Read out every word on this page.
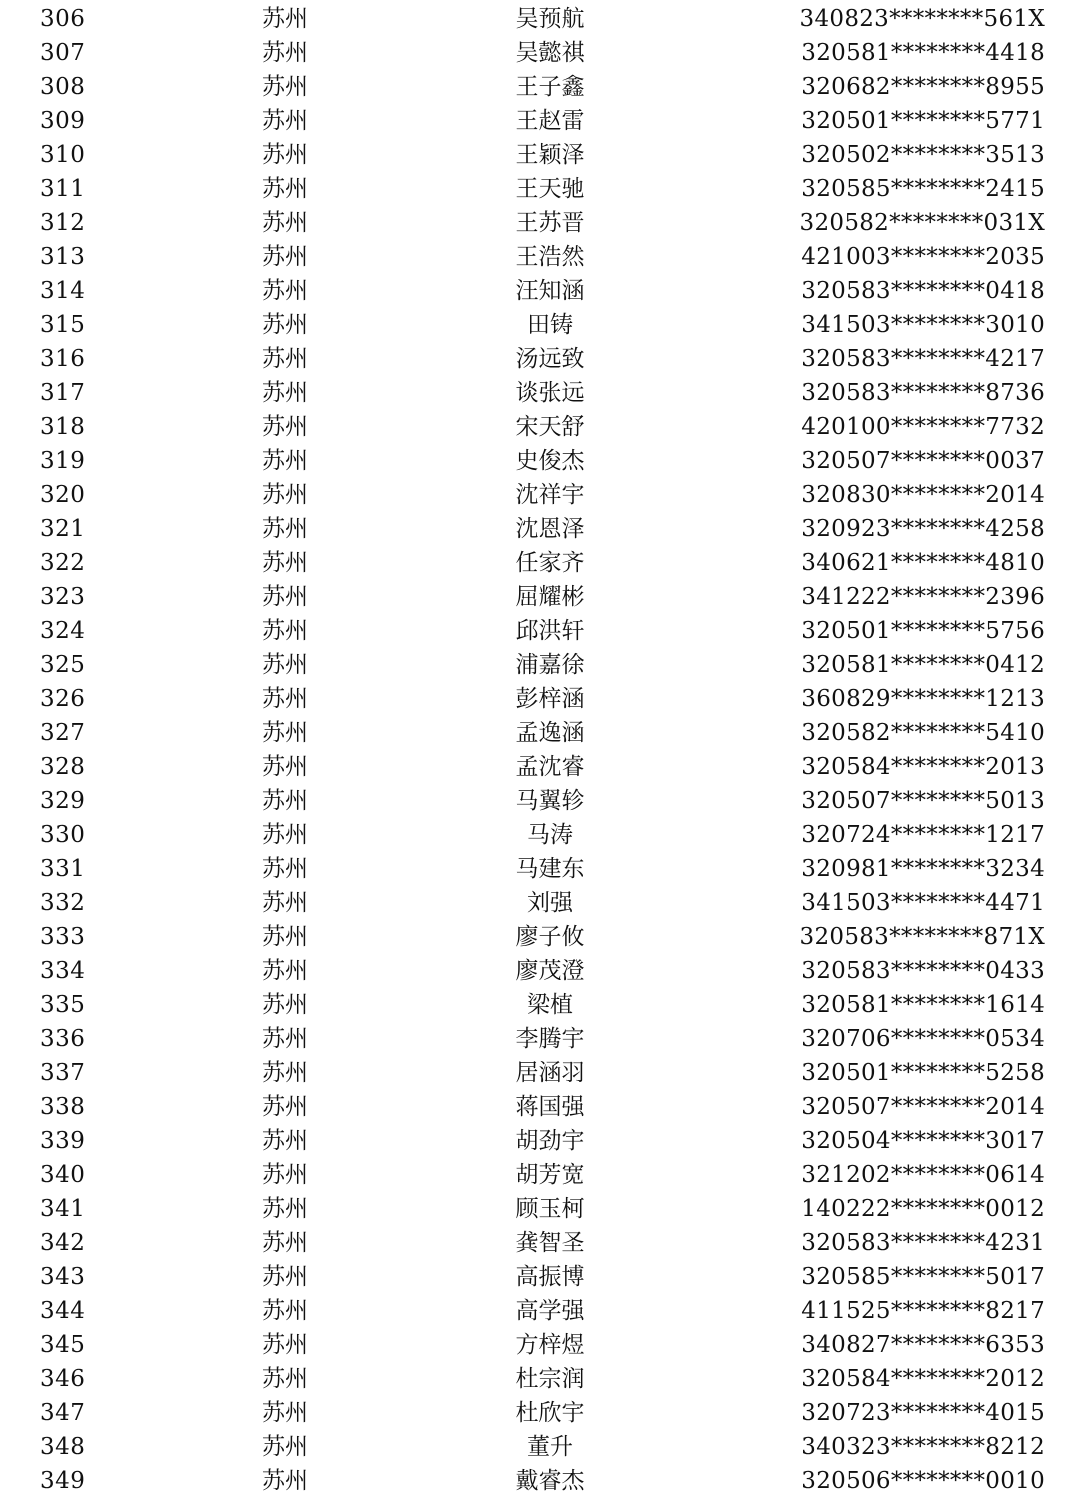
306	苏州	吴预航	340823********561X
307	苏州	吴懿祺	320581********4418
308	苏州	王子鑫	320682********8955
309	苏州	王赵雷	320501********5771
310	苏州	王颖泽	320502********3513
311	苏州	王天驰	320585********2415
312	苏州	王苏晋	320582********031X
313	苏州	王浩然	421003********2035
314	苏州	汪知涵	320583********0418
315	苏州	田铸	341503********3010
316	苏州	汤远致	320583********4217
317	苏州	谈张远	320583********8736
318	苏州	宋天舒	420100********7732
319	苏州	史俊杰	320507********0037
320	苏州	沈祥宇	320830********2014
321	苏州	沈恩泽	320923********4258
322	苏州	任家齐	340621********4810
323	苏州	屈耀彬	341222********2396
324	苏州	邱洪轩	320501********5756
325	苏州	浦嘉徐	320581********0412
326	苏州	彭梓涵	360829********1213
327	苏州	孟逸涵	320582********5410
328	苏州	孟沈睿	320584********2013
329	苏州	马翼轸	320507********5013
330	苏州	马涛	320724********1217
331	苏州	马建东	320981********3234
332	苏州	刘强	341503********4471
333	苏州	廖子攸	320583********871X
334	苏州	廖茂澄	320583********0433
335	苏州	梁植	320581********1614
336	苏州	李腾宇	320706********0534
337	苏州	居涵羽	320501********5258
338	苏州	蒋国强	320507********2014
339	苏州	胡劲宇	320504********3017
340	苏州	胡芳宽	321202********0614
341	苏州	顾玉柯	140222********0012
342	苏州	龚智圣	320583********4231
343	苏州	高振博	320585********5017
344	苏州	高学强	411525********8217
345	苏州	方梓煜	340827********6353
346	苏州	杜宗润	320584********2012
347	苏州	杜欣宇	320723********4015
348	苏州	董升	340323********8212
349	苏州	戴睿杰	320506********0010
